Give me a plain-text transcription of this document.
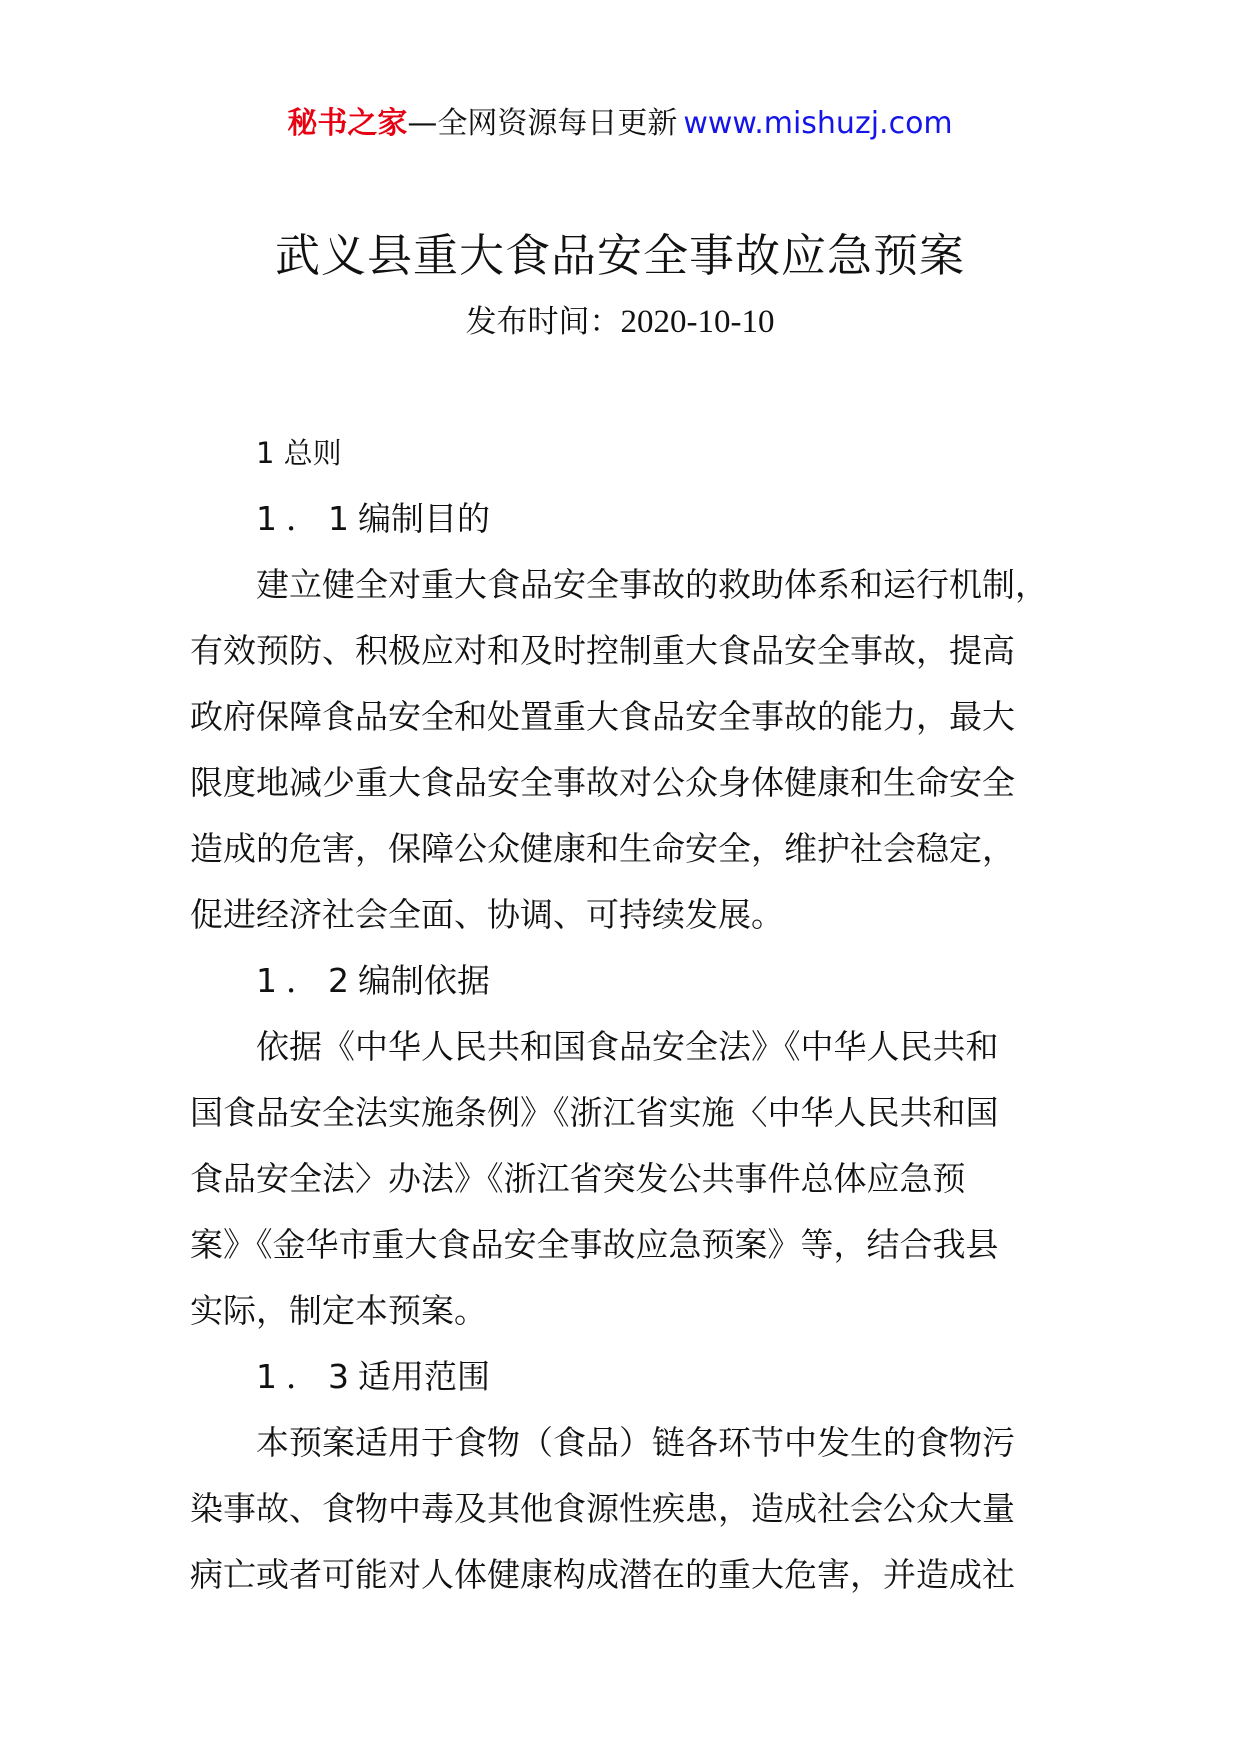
秘书之家—全网资源每日更新 www.mishuzj.com
武义县重大食品安全事故应急预案
发布时间：2020-10-10
1 总则
1．1编制目的
建立健全对重大食品安全事故的救助体系和运行机制，
有效预防、积极应对和及时控制重大食品安全事故，提高
政府保障食品安全和处置重大食品安全事故的能力，最大
限度地减少重大食品安全事故对公众身体健康和生命安全
造成的危害，保障公众健康和生命安全，维护社会稳定，
促进经济社会全面、协调、可持续发展。
1．2编制依据
依据《中华人民共和国食品安全法》《中华人民共和
国食品安全法实施条例》《浙江省实施〈中华人民共和国
食品安全法〉办法》《浙江省突发公共事件总体应急预
案》《金华市重大食品安全事故应急预案》等，结合我县
实际，制定本预案。
1．3适用范围
本预案适用于食物（食品）链各环节中发生的食物污
染事故、食物中毒及其他食源性疾患，造成社会公众大量
病亡或者可能对人体健康构成潜在的重大危害，并造成社
